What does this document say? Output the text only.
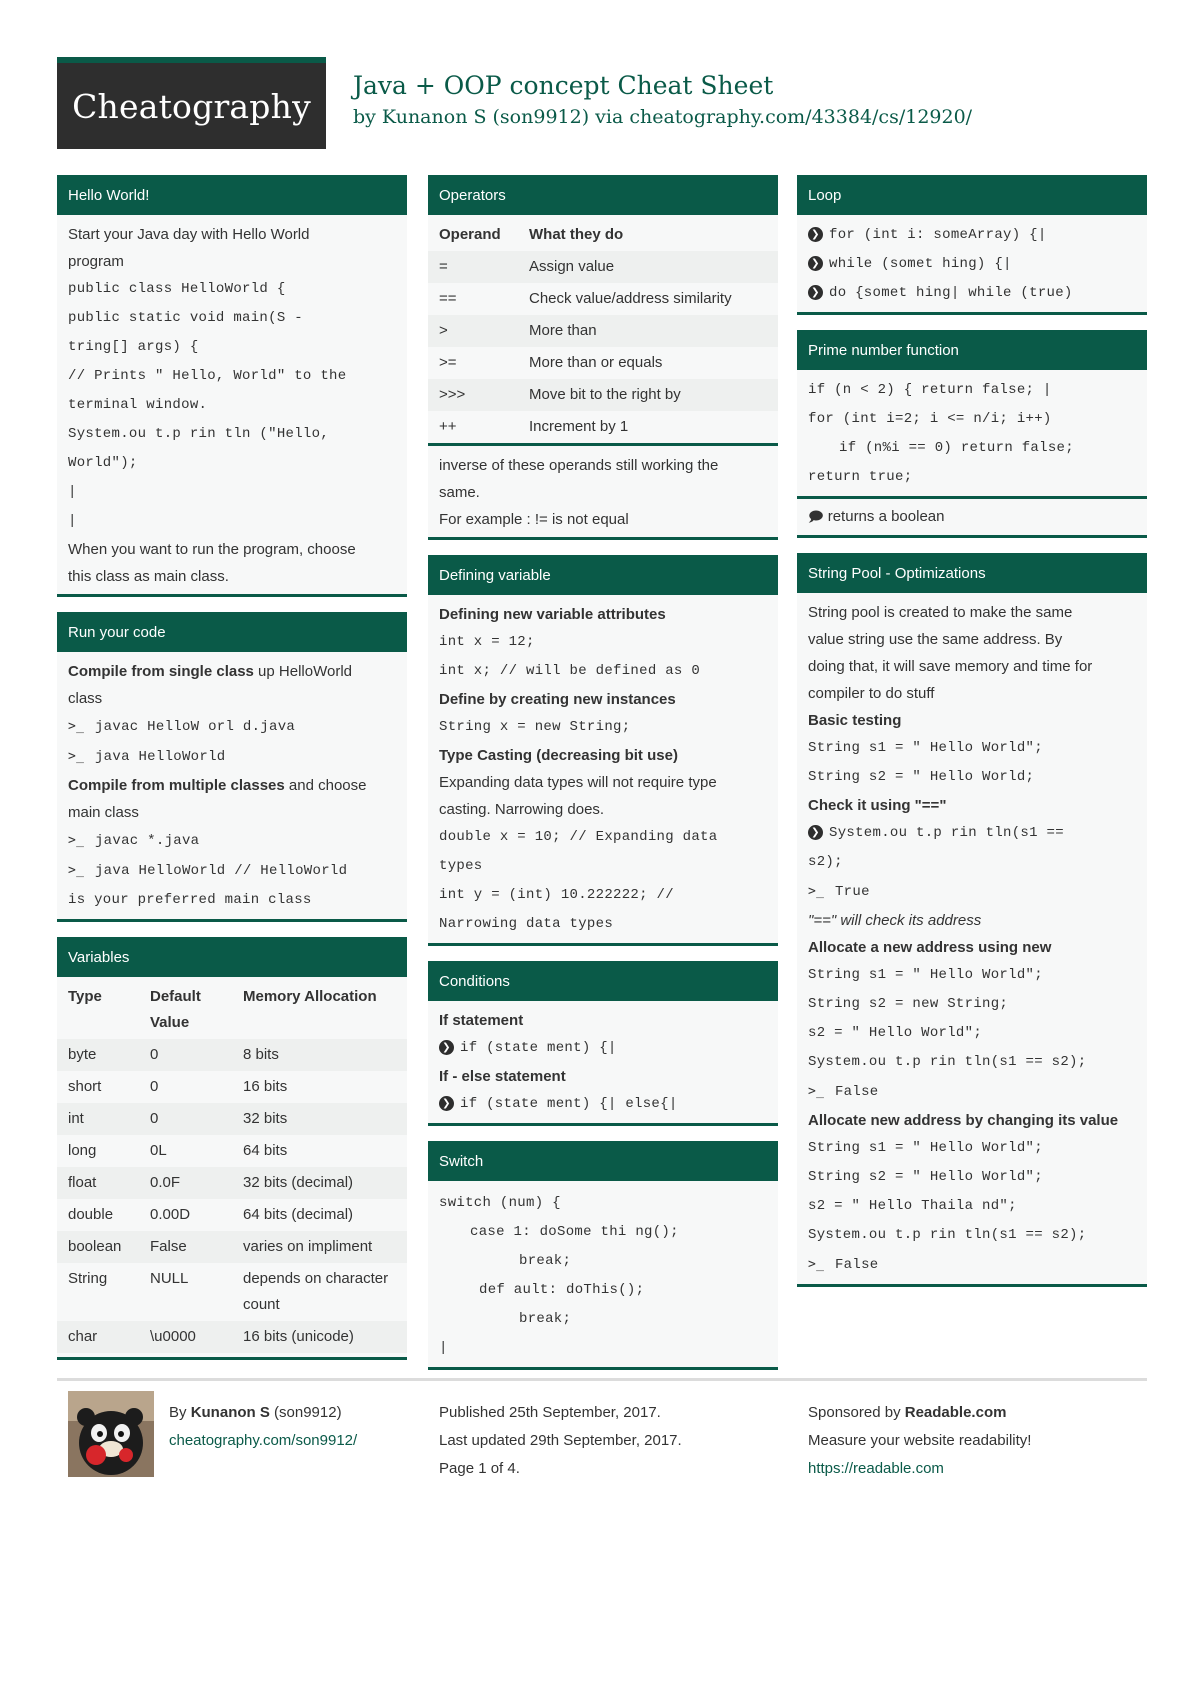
Cheatography
Java + OOP concept Cheat Sheet
by Kunanon S (son9912) via cheatography.com/43384/cs/12920/
Hello World!
Start your Java day with Hello World
program
public class HelloWorld {
public static void main(S -
tring[] args) {
// Prints " Hello, World" to the
terminal window.
System.ou t.p rin tln ("Hello,
World");
|
|
When you want to run the program, choose
this class as main class.
Run your code
Compile from single class up HelloWorld
class
>_ javac HelloW orl d.java
>_ java HelloWorld
Compile from multiple classes and choose
main class
>_ javac *.java
>_ java HelloWorld // HelloWorld
is your preferred main class
Variables
Type	Default Value	Memory Allocation
byte	0	8 bits
short	0	16 bits
int	0	32 bits
long	0L	64 bits
float	0.0F	32 bits (decimal)
double	0.00D	64 bits (decimal)
boolean	False	varies on impliment
String	NULL	depends on character count
char	\u0000	16 bits (unicode)
Operators
Operand	What they do
=	Assign value
==	Check value/address similarity
>	More than
>=	More than or equals
>>>	Move bit to the right by
++	Increment by 1
inverse of these operands still working the
same.
For example : != is not equal
Defining variable
Defining new variable attributes
int x = 12;
int x; // will be defined as 0
Define by creating new instances
String x = new String;
Type Casting (decreasing bit use)
Expanding data types will not require type
casting. Narrowing does.
double x = 10; // Expanding data
types
int y = (int) 10.222222; //
Narrowing data types
Conditions
If statement
❯ if (state ment) {|
If - else statement
❯ if (state ment) {| else{|
Switch
switch (num) {
case 1: doSome thi ng();
break;
def ault: doThis();
break;
|
Loop
❯ for (int i: someArray) {|
❯ while (somet hing) {|
❯ do {somet hing| while (true)
Prime number function
if (n < 2) { return false; |
for (int i=2; i <= n/i; i++)
if (n%i == 0) return false;
return true;
🗩 returns a boolean
String Pool - Optimizations
String pool is created to make the same
value string use the same address. By
doing that, it will save memory and time for
compiler to do stuff
Basic testing
String s1 = " Hello World";
String s2 = " Hello World;
Check it using "=="
❯ System.ou t.p rin tln(s1 ==
s2);
>_ True
"==" will check its address
Allocate a new address using new
String s1 = " Hello World";
String s2 = new String;
s2 = " Hello World";
System.ou t.p rin tln(s1 == s2);
>_ False
Allocate new address by changing its value
String s1 = " Hello World";
String s2 = " Hello World";
s2 = " Hello Thaila nd";
System.ou t.p rin tln(s1 == s2);
>_ False
By Kunanon S (son9912)
cheatography.com/son9912/
Published 25th September, 2017.
Last updated 29th September, 2017.
Page 1 of 4.
Sponsored by Readable.com
Measure your website readability!
https://readable.com
